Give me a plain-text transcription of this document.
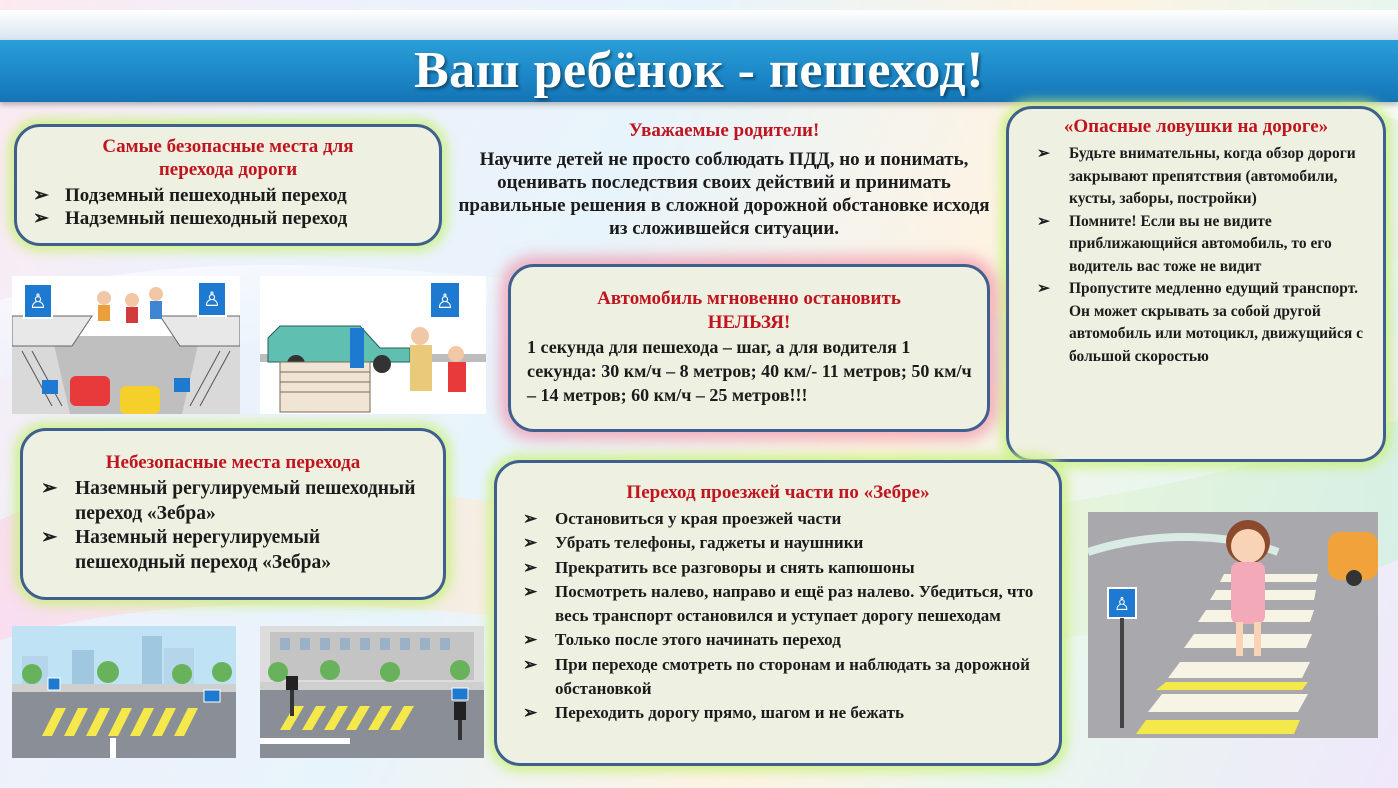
Ваш ребёнок - пешеход!
Самые безопасные места для перехода дороги
➢ Подземный пешеходный переход
➢ Надземный пешеходный переход
Уважаемые родители!
Научите детей не просто соблюдать ПДД, но и понимать, оценивать последствия своих действий и принимать правильные решения в сложной дорожной обстановке исходя из сложившейся ситуации.
«Опасные ловушки на дороге»
➢ Будьте внимательны, когда обзор дороги закрывают препятствия (автомобили, кусты, заборы, постройки)
➢ Помните! Если вы не видите приближающийся автомобиль, то его водитель вас тоже не видит
➢ Пропустите медленно едущий транспорт. Он может скрывать за собой другой автомобиль или мотоцикл, движущийся с большой скоростью
Автомобиль мгновенно остановить
НЕЛЬЗЯ!
1 секунда для пешехода – шаг, а для водителя 1 секунда: 30 км/ч – 8 метров; 40 км/- 11 метров; 50 км/ч – 14 метров; 60 км/ч – 25 метров!!!
Небезопасные места перехода
➢ Наземный регулируемый пешеходный переход «Зебра»
➢ Наземный нерегулируемый пешеходный переход «Зебра»
Переход проезжей части по «Зебре»
➢ Остановиться у края проезжей части
➢ Убрать телефоны, гаджеты и наушники
➢ Прекратить все разговоры и снять капюшоны
➢ Посмотреть налево, направо и ещё раз налево. Убедиться, что весь транспорт остановился и уступает дорогу пешеходам
➢ Только после этого начинать переход
➢ При переходе смотреть по сторонам и наблюдать за дорожной обстановкой
➢ Переходить дорогу прямо, шагом и не бежать
♙	♙	♙
♙
